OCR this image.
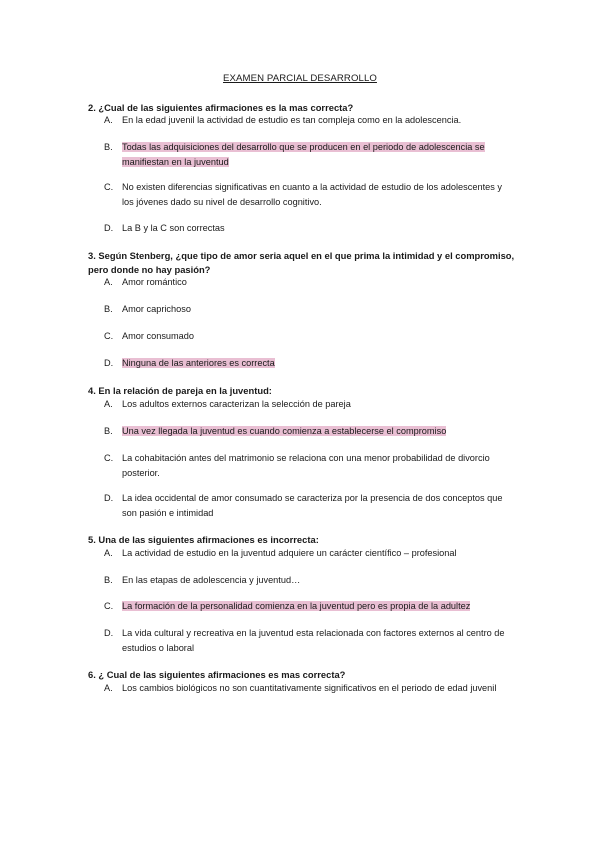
EXAMEN PARCIAL DESARROLLO
2. ¿Cual de las siguientes afirmaciones es la mas correcta?
A.	En la edad juvenil la actividad de estudio es tan compleja como en la adolescencia.
B.	Todas las adquisiciones del desarrollo que se producen en el periodo de adolescencia se manifiestan en la juventud
C. No existen diferencias significativas en cuanto a la actividad de estudio de los adolescentes y los jóvenes dado su nivel de desarrollo cognitivo.
D. La B y la C son correctas
3. Según Stenberg, ¿que tipo de amor seria aquel en el que prima la intimidad y el compromiso, pero donde no hay pasión?
A.	Amor romántico
B.	Amor caprichoso
C. Amor consumado
D. Ninguna de las anteriores es correcta
4. En la relación de pareja en la juventud:
A.	Los adultos externos caracterizan la selección de pareja
B.	Una vez llegada la juventud es cuando comienza a establecerse el compromiso
C. La cohabitación antes del matrimonio se relaciona con una menor probabilidad de divorcio posterior.
D. La idea occidental de amor consumado se caracteriza por la presencia de dos conceptos que son pasión e intimidad
5. Una de las siguientes afirmaciones es incorrecta:
A.	La actividad de estudio en la juventud adquiere un carácter científico – profesional
B.	En las etapas de adolescencia y juventud…
C. La formación de la personalidad comienza en la juventud pero es propia de la adultez
D. La vida cultural y recreativa en la juventud esta relacionada con factores externos al centro de estudios o laboral
6. ¿ Cual de las siguientes afirmaciones es mas correcta?
A.	Los cambios biológicos no son cuantitativamente significativos en el periodo de edad juvenil
